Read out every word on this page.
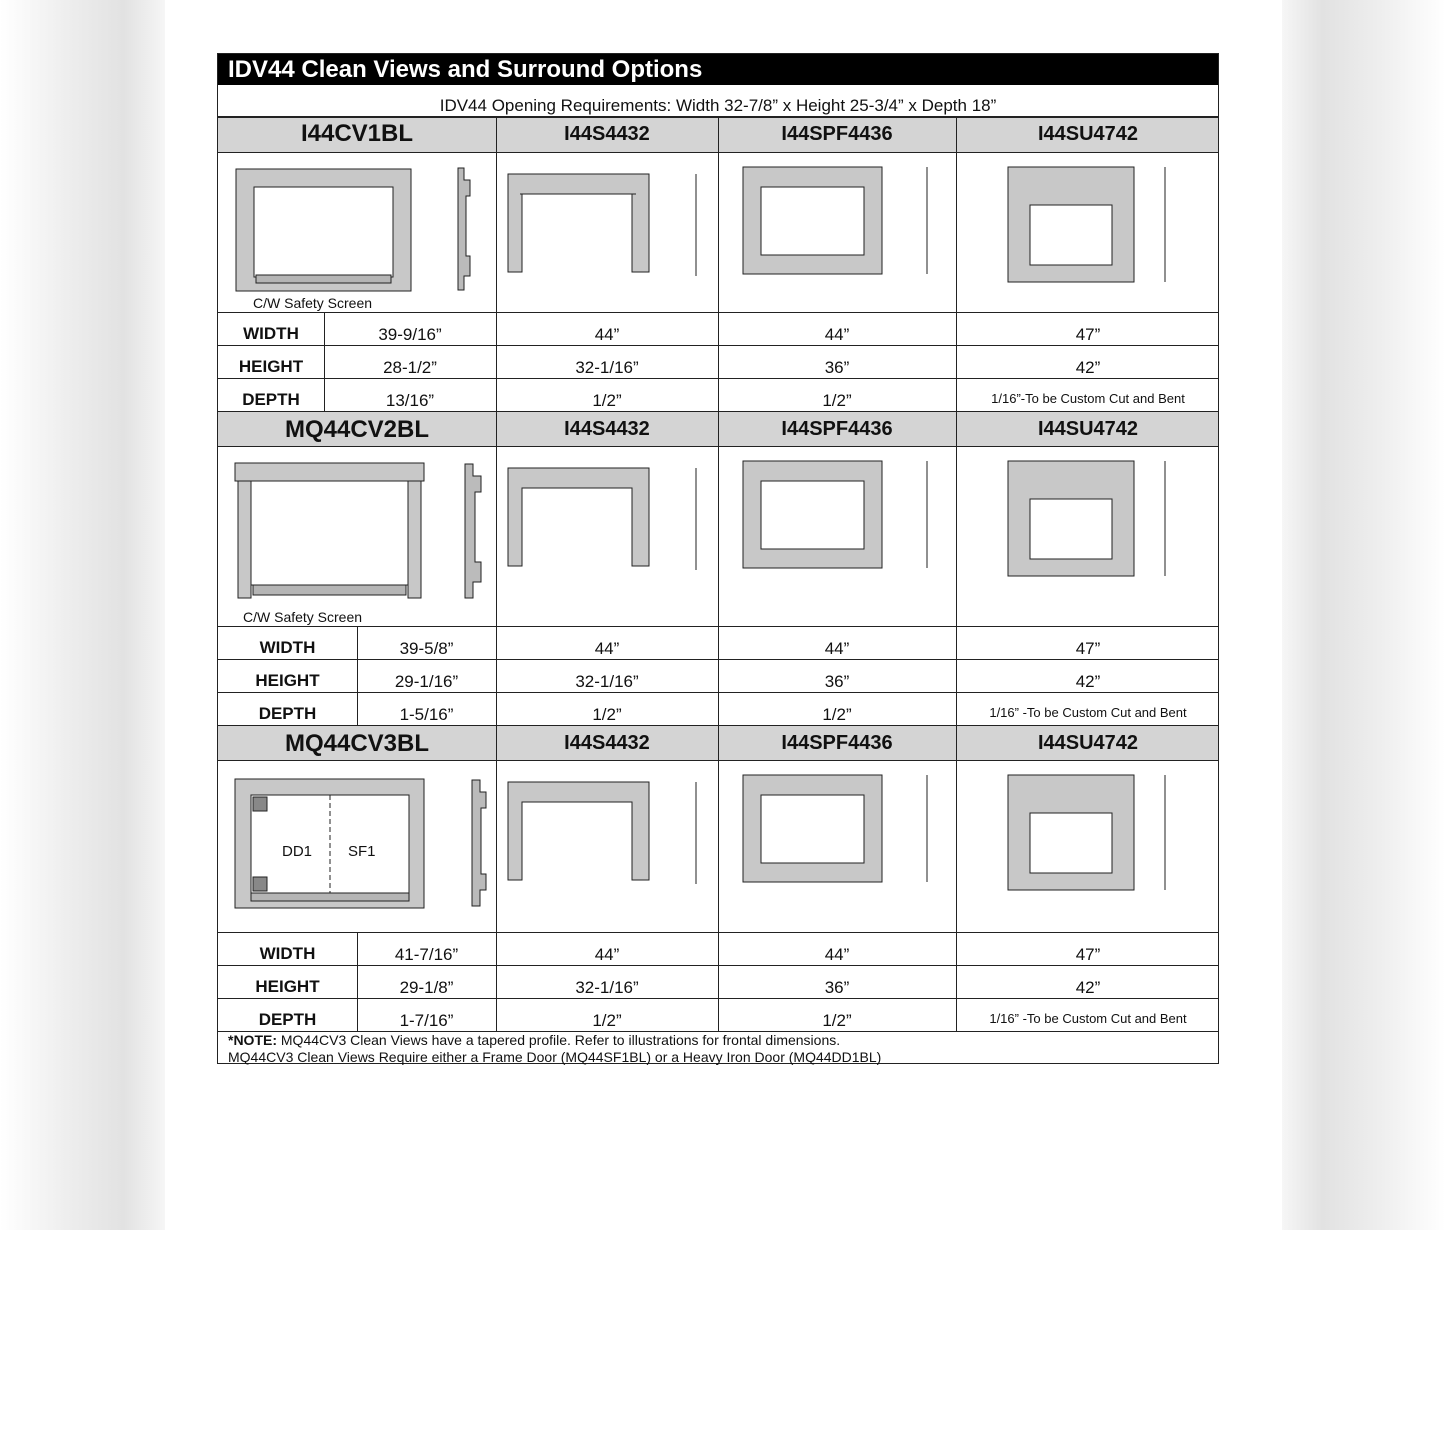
IDV44 Clean Views and Surround Options
IDV44 Opening Requirements: Width 32-7/8” x Height 25-3/4” x Depth 18”
I44CV1BL	I44S4432	I44SPF4436	I44SU4742
C/W Safety Screen
WIDTH	39-9/16”	44”	44”	47”
HEIGHT	28-1/2”	32-1/16”	36”	42”
DEPTH	13/16”	1/2”	1/2”	1/16”-To be Custom Cut and Bent
MQ44CV2BL	I44S4432	I44SPF4436	I44SU4742
C/W Safety Screen
WIDTH	39-5/8”	44”	44”	47”
HEIGHT	29-1/16”	32-1/16”	36”	42”
DEPTH	1-5/16”	1/2”	1/2”	1/16” -To be Custom Cut and Bent
MQ44CV3BL	I44S4432	I44SPF4436	I44SU4742
WIDTH	41-7/16”	44”	44”	47”
HEIGHT	29-1/8”	32-1/16”	36”	42”
DEPTH	1-7/16”	1/2”	1/2”	1/16” -To be Custom Cut and Bent
*NOTE: MQ44CV3 Clean Views have a tapered profile. Refer to illustrations for frontal dimensions.
MQ44CV3 Clean Views Require either a Frame Door (MQ44SF1BL) or a Heavy Iron Door (MQ44DD1BL)
DD1 SF1
